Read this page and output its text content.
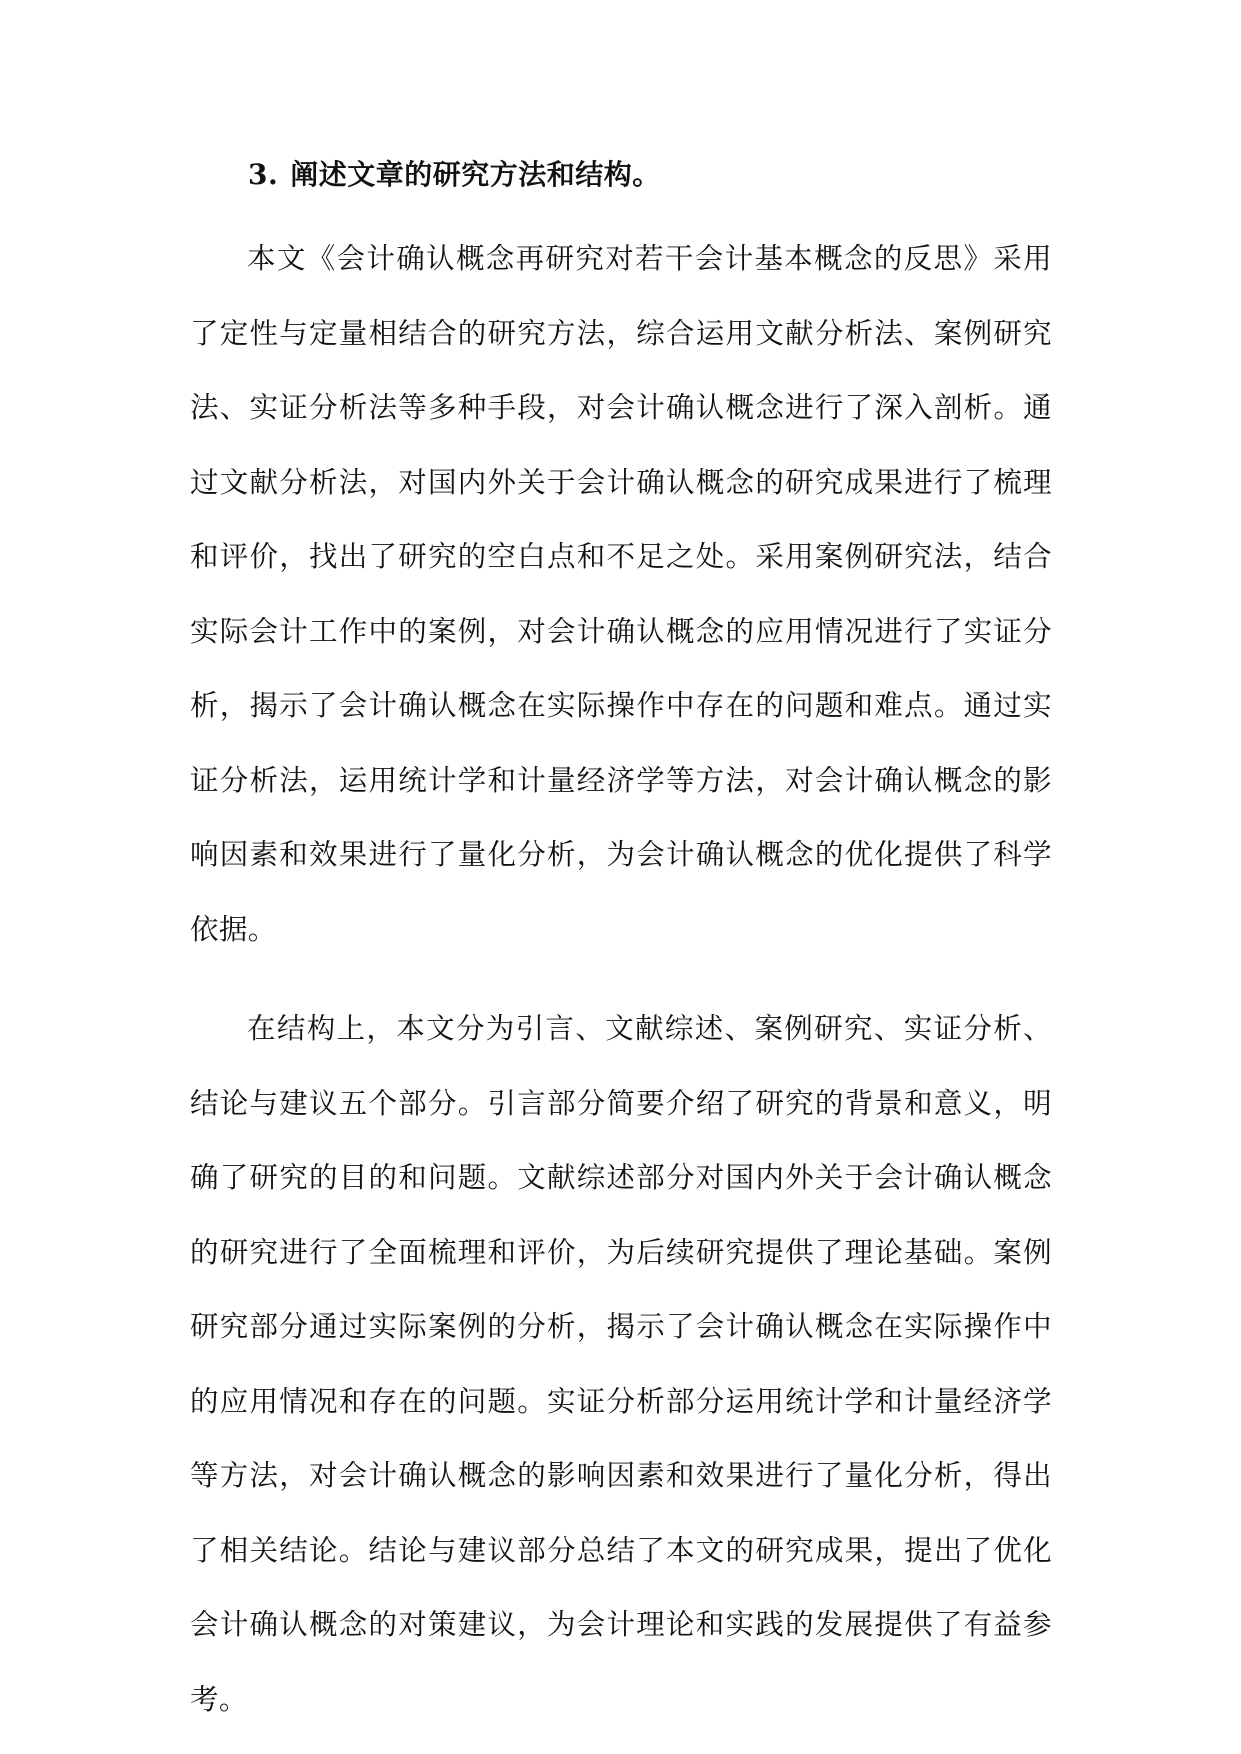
3. 阐述文章的研究方法和结构。

本文《会计确认概念再研究对若干会计基本概念的反思》采用了定性与定量相结合的研究方法，综合运用文献分析法、案例研究法、实证分析法等多种手段，对会计确认概念进行了深入剖析。通过文献分析法，对国内外关于会计确认概念的研究成果进行了梳理和评价，找出了研究的空白点和不足之处。采用案例研究法，结合实际会计工作中的案例，对会计确认概念的应用情况进行了实证分析，揭示了会计确认概念在实际操作中存在的问题和难点。通过实证分析法，运用统计学和计量经济学等方法，对会计确认概念的影响因素和效果进行了量化分析，为会计确认概念的优化提供了科学依据。

在结构上，本文分为引言、文献综述、案例研究、实证分析、结论与建议五个部分。引言部分简要介绍了研究的背景和意义，明确了研究的目的和问题。文献综述部分对国内外关于会计确认概念的研究进行了全面梳理和评价，为后续研究提供了理论基础。案例研究部分通过实际案例的分析，揭示了会计确认概念在实际操作中的应用情况和存在的问题。实证分析部分运用统计学和计量经济学等方法，对会计确认概念的影响因素和效果进行了量化分析，得出了相关结论。结论与建议部分总结了本文的研究成果，提出了优化会计确认概念的对策建议，为会计理论和实践的发展提供了有益参考。
